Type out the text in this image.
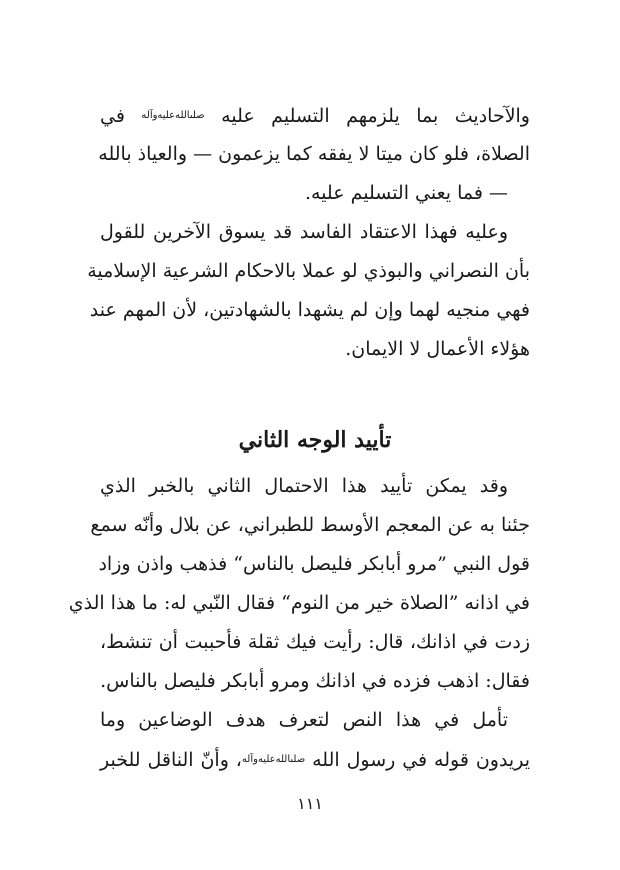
والآحاديث بما يلزمهم التسليم عليه $^{صلىالله‌عليه‌وآله}$ في
الصلاة، فلو كان ميتا لا يفقه كما يزعمون — والعياذ بالله
— فما يعني التسليم عليه.
وعليه فهذا الاعتقاد الفاسد قد يسوق الآخرين للقول
بأن النصراني والبوذي لو عملا بالاحكام الشرعية الإسلامية
فهي منجيه لهما وإن لم يشهدا بالشهادتين، لأن المهم عند
هؤلاء الأعمال لا الايمان.
تأييد الوجه الثاني
وقد يمكن تأييد هذا الاحتمال الثاني بالخبر الذي
جئنا به عن المعجم الأوسط للطبراني، عن بلال وأنّه سمع
قول النبي ”مرو أبابكر فليصل بالناس“ فذهب واذن وزاد
في اذانه ”الصلاة خير من النوم“ فقال النّبي له: ما هذا الذي
زدت في اذانك، قال: رأيت فيك ثقلة فأحببت أن تنشط،
فقال: اذهب فزده في اذانك ومرو أبابكر فليصل بالناس.
تأمل في هذا النص لتعرف هدف الوضاعين وما
يريدون قوله في رسول الله $^{صلىالله‌عليه‌وآله}$، وأنّ الناقل للخبر
١١١
